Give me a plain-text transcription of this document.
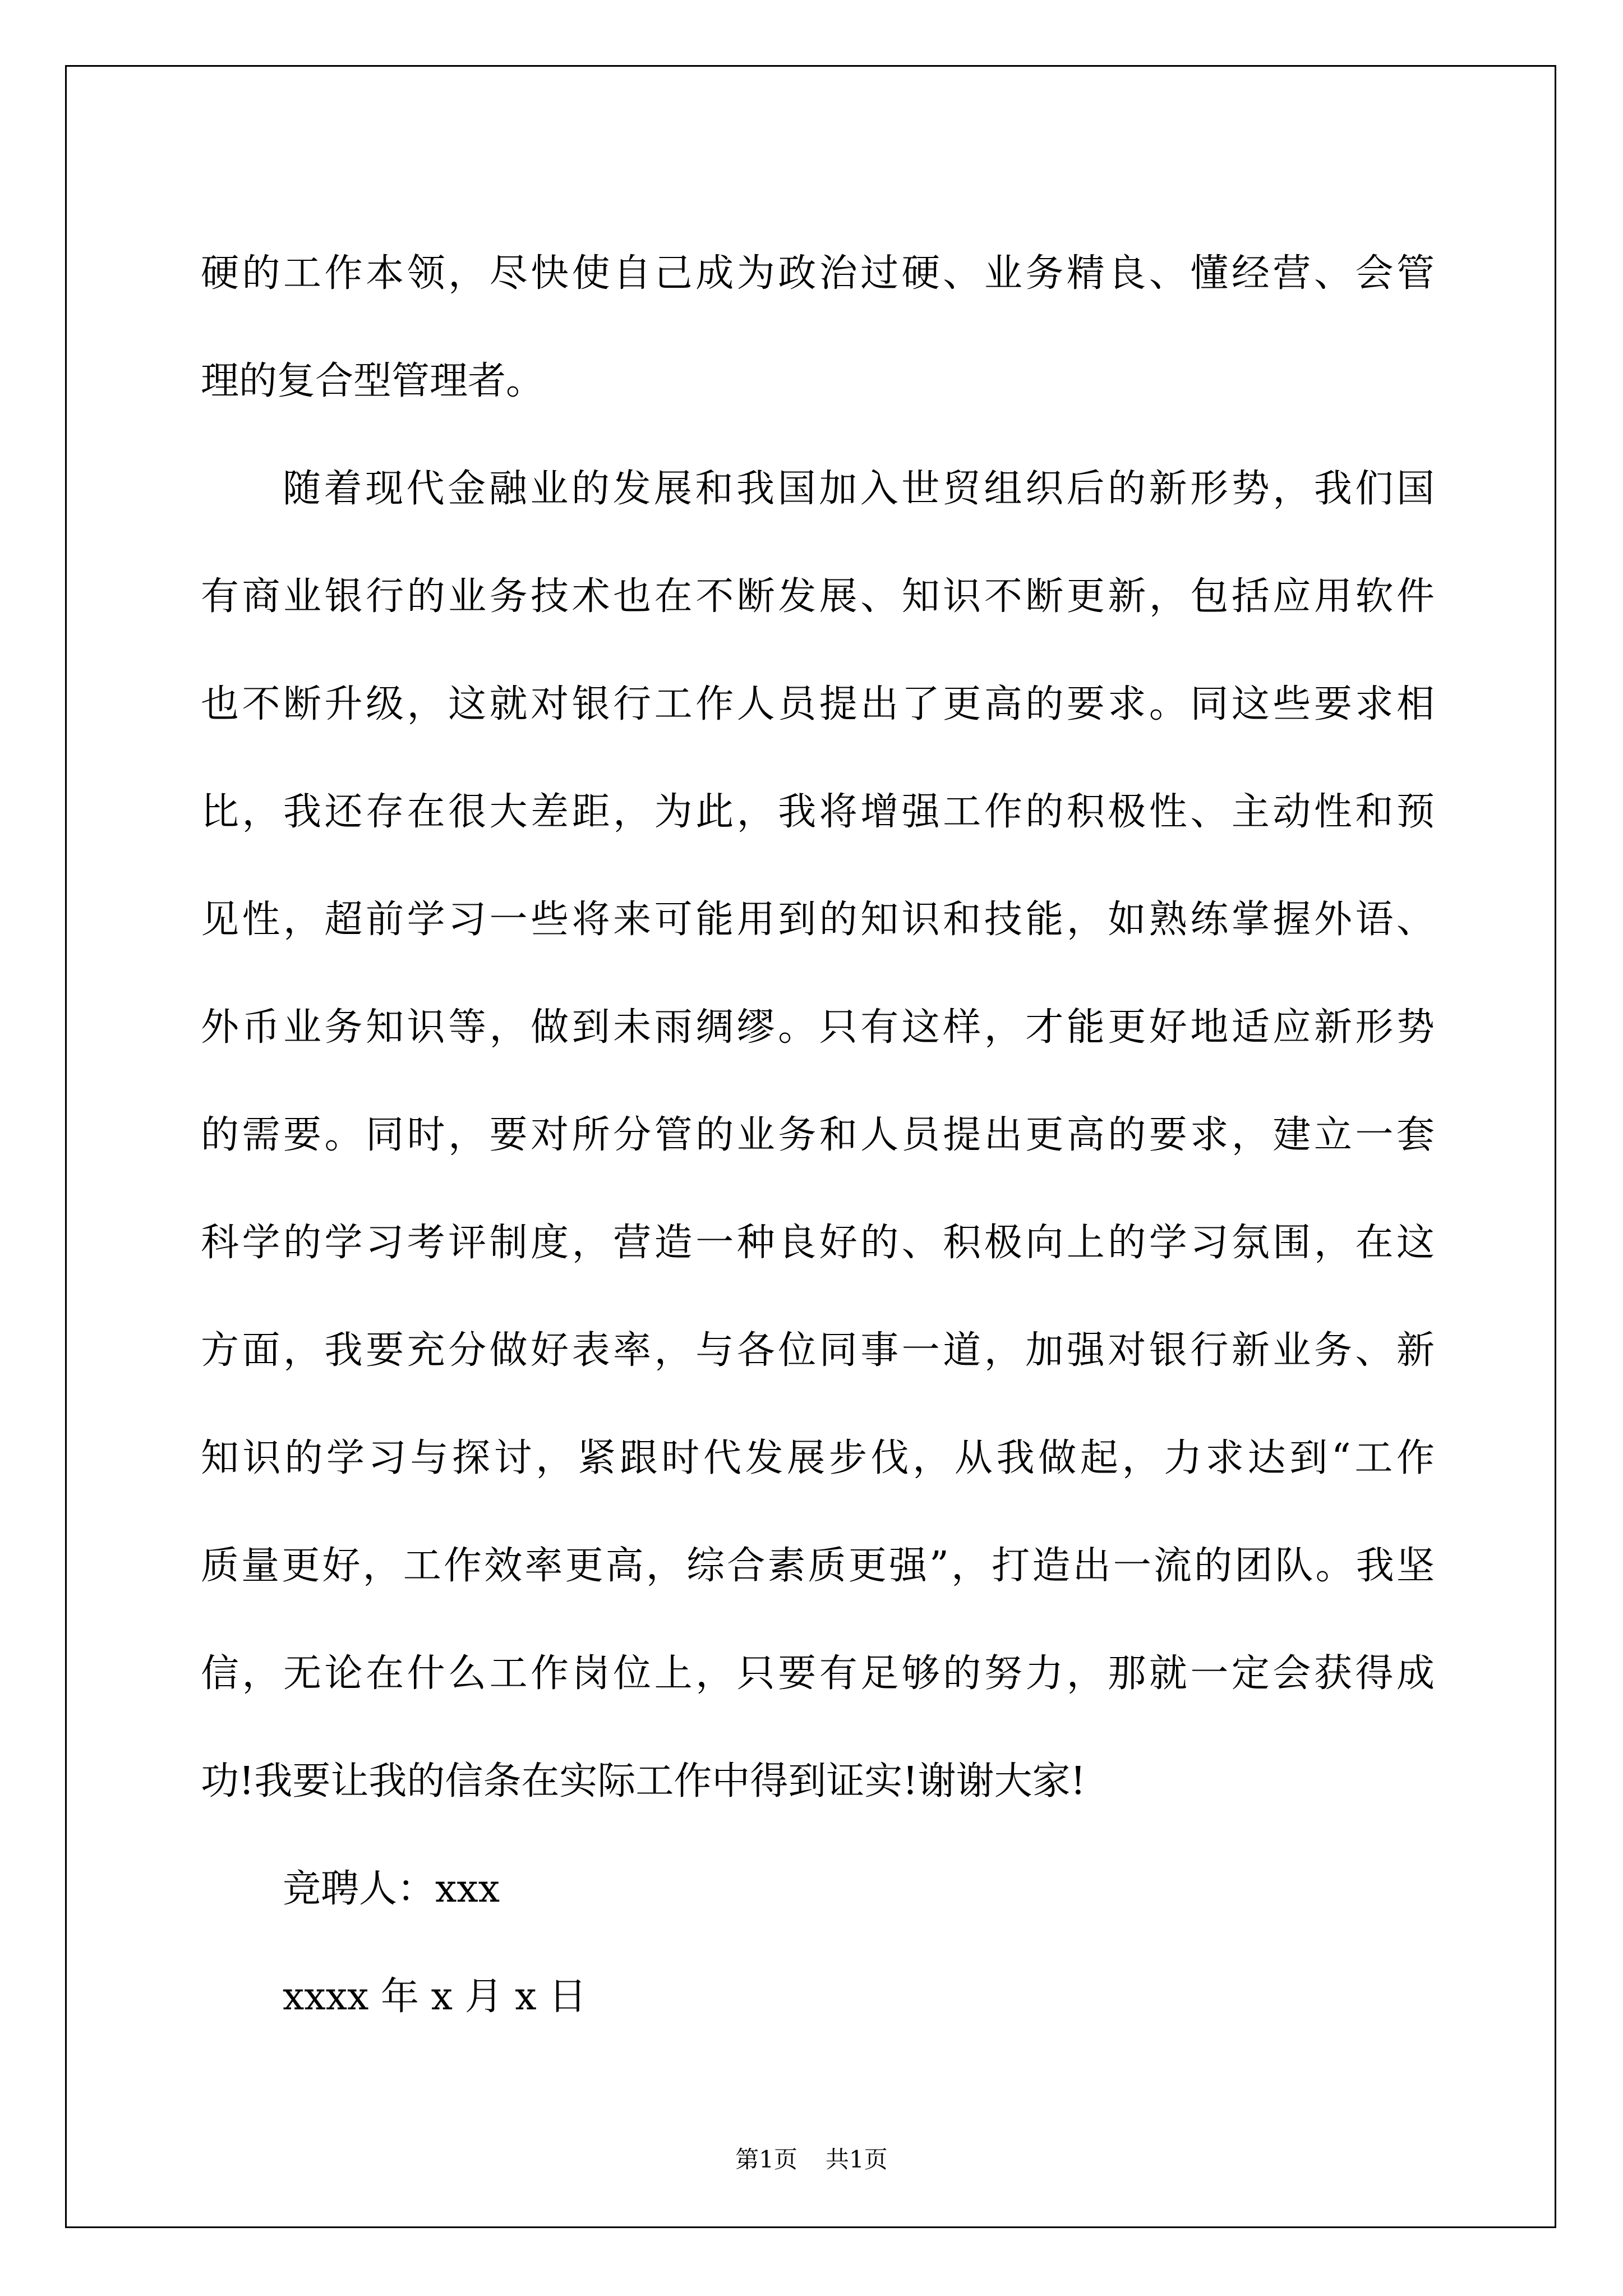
硬的工作本领，尽快使自己成为政治过硬、业务精良、懂经营、会管
理的复合型管理者。
随着现代金融业的发展和我国加入世贸组织后的新形势，我们国
有商业银行的业务技术也在不断发展、知识不断更新，包括应用软件
也不断升级，这就对银行工作人员提出了更高的要求。同这些要求相
比，我还存在很大差距，为此，我将增强工作的积极性、主动性和预
见性，超前学习一些将来可能用到的知识和技能，如熟练掌握外语、
外币业务知识等，做到未雨绸缪。只有这样，才能更好地适应新形势
的需要。同时，要对所分管的业务和人员提出更高的要求，建立一套
科学的学习考评制度，营造一种良好的、积极向上的学习氛围，在这
方面，我要充分做好表率，与各位同事一道，加强对银行新业务、新
知识的学习与探讨，紧跟时代发展步伐，从我做起，力求达到“工作
质量更好，工作效率更高，综合素质更强”，打造出一流的团队。我坚
信，无论在什么工作岗位上，只要有足够的努力，那就一定会获得成
功!我要让我的信条在实际工作中得到证实!谢谢大家!
竞聘人：xxx
xxxx 年 x 月 x 日
第1页 共1页
